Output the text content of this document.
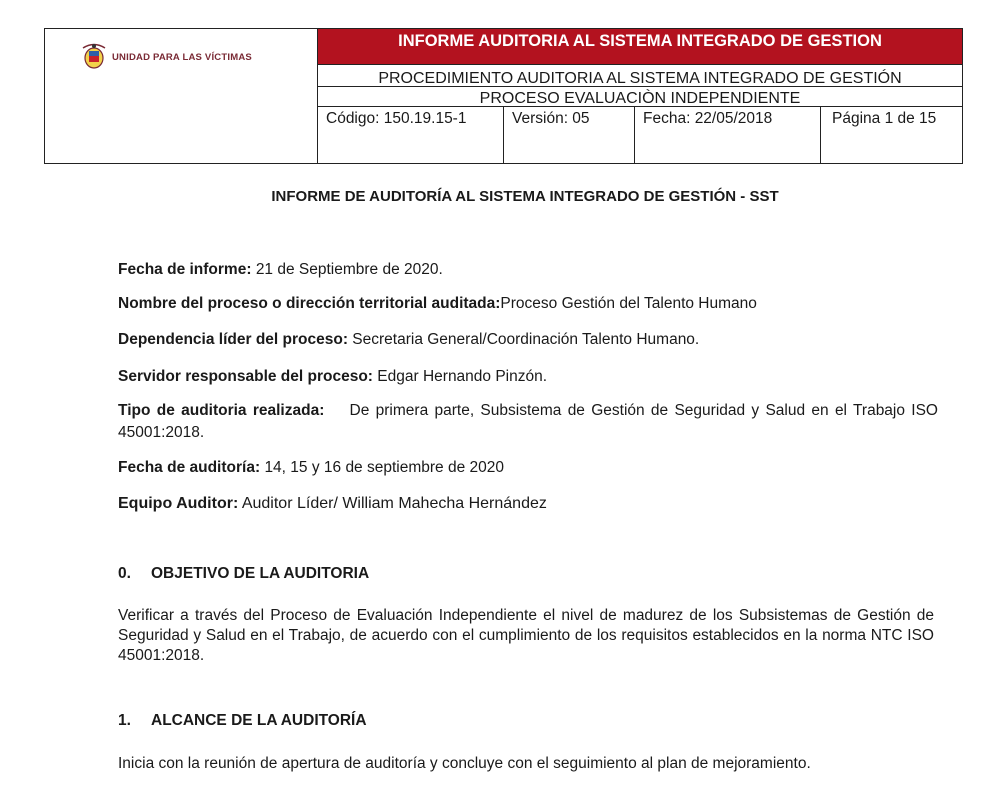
UNIDAD PARA LAS VÍCTIMAS
INFORME AUDITORIA AL SISTEMA INTEGRADO DE GESTION
PROCEDIMIENTO AUDITORIA AL SISTEMA INTEGRADO DE GESTIÓN
PROCESO EVALUACIÒN INDEPENDIENTE
Código: 150.19.15-1	Versión: 05	Fecha: 22/05/2018	Página 1 de 15
INFORME DE AUDITORÍA AL SISTEMA INTEGRADO DE GESTIÓN - SST
Fecha de informe: 21 de Septiembre de 2020.
Nombre del proceso o dirección territorial auditada:Proceso Gestión del Talento Humano
Dependencia líder del proceso: Secretaria General/Coordinación Talento Humano.
Servidor responsable del proceso: Edgar Hernando Pinzón.
Tipo de auditoria realizada: De primera parte, Subsistema de Gestión de Seguridad y Salud en el Trabajo ISO 45001:2018.
Fecha de auditoría: 14, 15 y 16 de septiembre de 2020
Equipo Auditor: Auditor Líder/ William Mahecha Hernández
0. OBJETIVO DE LA AUDITORIA
Verificar a través del Proceso de Evaluación Independiente el nivel de madurez de los Subsistemas de Gestión de Seguridad y Salud en el Trabajo, de acuerdo con el cumplimiento de los requisitos establecidos en la norma NTC ISO 45001:2018.
1. ALCANCE DE LA AUDITORÍA
Inicia con la reunión de apertura de auditoría y concluye con el seguimiento al plan de mejoramiento.
